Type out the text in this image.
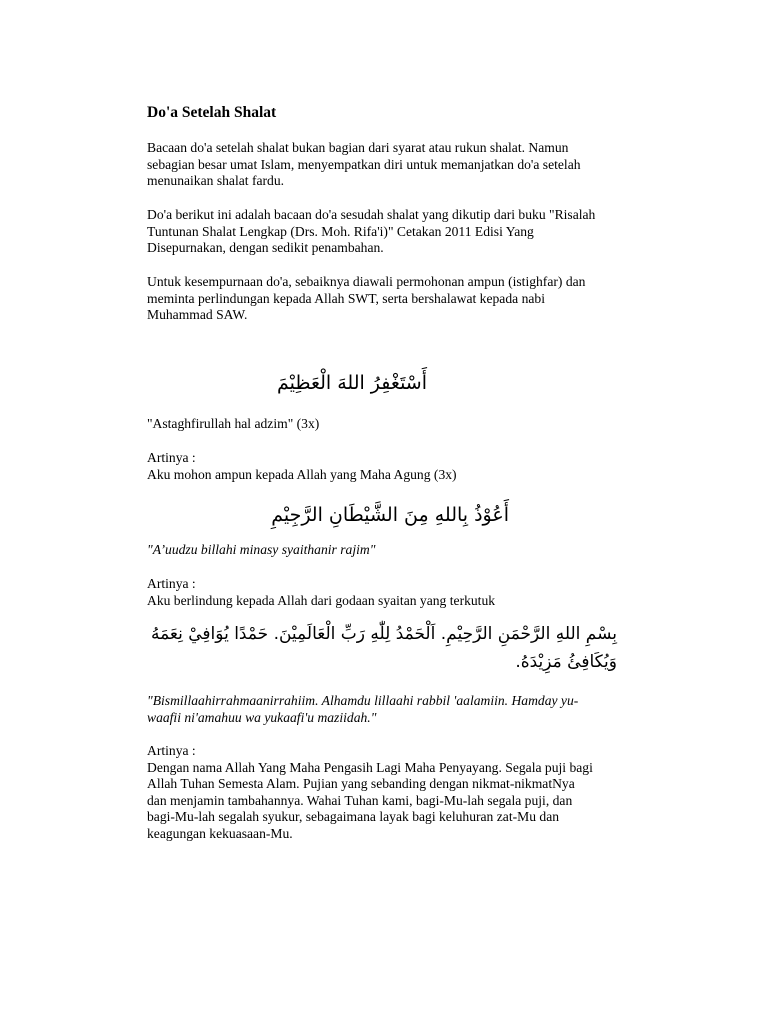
Do'a Setelah Shalat

Bacaan do'a setelah shalat bukan bagian dari syarat atau rukun shalat. Namun
sebagian besar umat Islam, menyempatkan diri untuk memanjatkan do'a setelah
menunaikan shalat fardu.

Do'a berikut ini adalah bacaan do'a sesudah shalat yang dikutip dari buku "Risalah
Tuntunan Shalat Lengkap (Drs. Moh. Rifa'i)" Cetakan 2011 Edisi Yang
Disepurnakan, dengan sedikit penambahan.

Untuk kesempurnaan do'a, sebaiknya diawali permohonan ampun (istighfar) dan
meminta perlindungan kepada Allah SWT, serta bershalawat kepada nabi
Muhammad SAW.

أَسْتَغْفِرُ اللهَ الْعَظِيْمَ

"Astaghfirullah hal adzim" (3x)

Artinya :
Aku mohon ampun kepada Allah yang Maha Agung (3x)

أَعُوْذُ بِاللهِ مِنَ الشَّيْطَانِ الرَّجِيْمِ

"A’uudzu billahi minasy syaithanir rajim"

Artinya :
Aku berlindung kepada Allah dari godaan syaitan yang terkutuk

بِسْمِ اللهِ الرَّحْمَنِ الرَّحِيْمِ. اَلْحَمْدُ لِلّٰهِ رَبِّ الْعَالَمِيْنَ. حَمْدًا يُوَافِيْ نِعَمَهُ

وَيُكَافِئُ مَزِيْدَهُ.

"Bismillaahirrahmaanirrahiim. Alhamdu lillaahi rabbil 'aalamiin. Hamday yu-
waafii ni'amahuu wa yukaafi'u maziidah."

Artinya :
Dengan nama Allah Yang Maha Pengasih Lagi Maha Penyayang. Segala puji bagi
Allah Tuhan Semesta Alam. Pujian yang sebanding dengan nikmat-nikmatNya
dan menjamin tambahannya. Wahai Tuhan kami, bagi-Mu-lah segala puji, dan
bagi-Mu-lah segalah syukur, sebagaimana layak bagi keluhuran zat-Mu dan
keagungan kekuasaan-Mu.
